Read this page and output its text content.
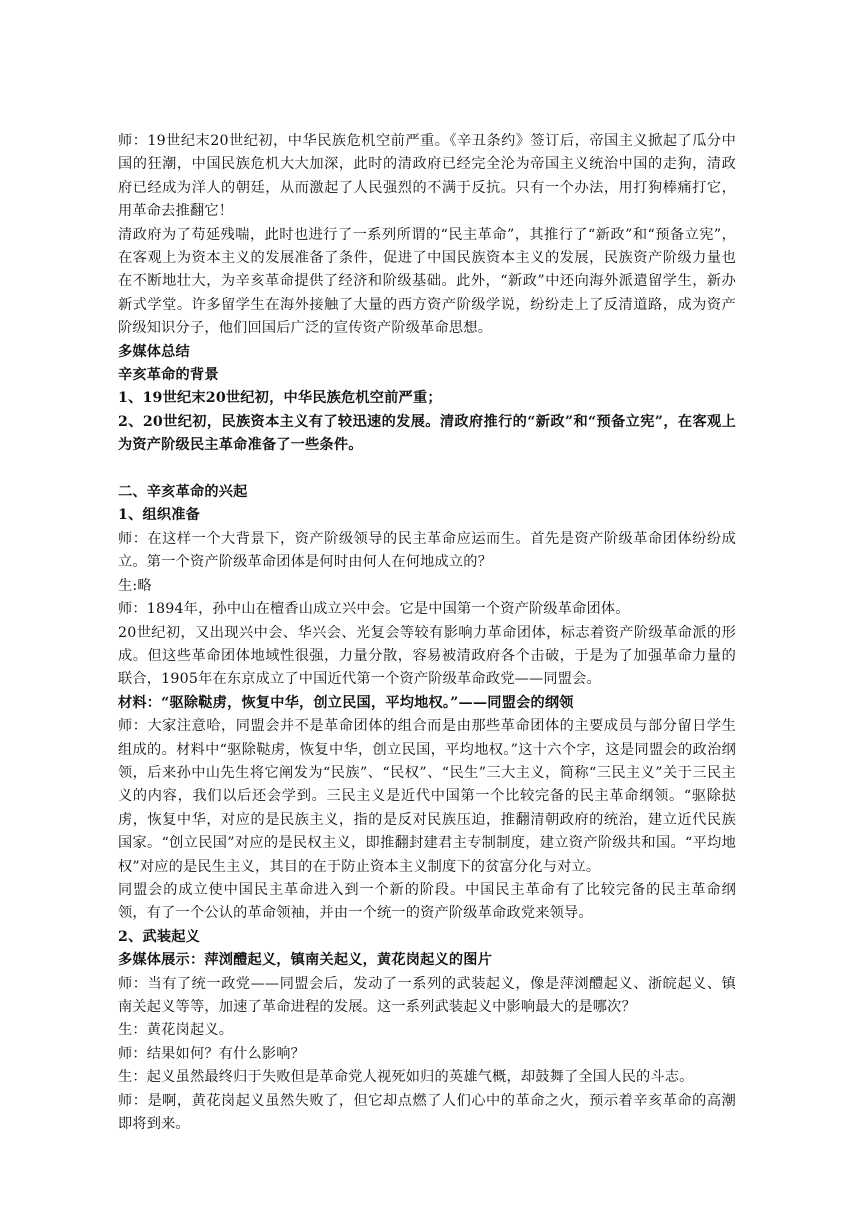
师：19世纪末20世纪初，中华民族危机空前严重。《辛丑条约》签订后，帝国主义掀起了瓜分中国的狂潮，中国民族危机大大加深，此时的清政府已经完全沦为帝国主义统治中国的走狗，清政府已经成为洋人的朝廷，从而激起了人民强烈的不满于反抗。只有一个办法，用打狗棒痛打它，用革命去推翻它！

清政府为了苟延残喘，此时也进行了一系列所谓的“民主革命”，其推行了“新政”和“预备立宪”，在客观上为资本主义的发展准备了条件，促进了中国民族资本主义的发展，民族资产阶级力量也在不断地壮大，为辛亥革命提供了经济和阶级基础。此外，“新政”中还向海外派遣留学生，新办新式学堂。许多留学生在海外接触了大量的西方资产阶级学说，纷纷走上了反清道路，成为资产阶级知识分子，他们回国后广泛的宣传资产阶级革命思想。

多媒体总结

辛亥革命的背景

1、19世纪末20世纪初，中华民族危机空前严重；

2、20世纪初，民族资本主义有了较迅速的发展。清政府推行的“新政”和“预备立宪”，在客观上为资产阶级民主革命准备了一些条件。

二、辛亥革命的兴起

1、组织准备

师：在这样一个大背景下，资产阶级领导的民主革命应运而生。首先是资产阶级革命团体纷纷成立。第一个资产阶级革命团体是何时由何人在何地成立的？

生:略

师：1894年，孙中山在檀香山成立兴中会。它是中国第一个资产阶级革命团体。

20世纪初，又出现兴中会、华兴会、光复会等较有影响力革命团体，标志着资产阶级革命派的形成。但这些革命团体地域性很强，力量分散，容易被清政府各个击破，于是为了加强革命力量的联合，1905年在东京成立了中国近代第一个资产阶级革命政党——同盟会。

材料：“驱除鞑虏，恢复中华，创立民国，平均地权。”——同盟会的纲领

师：大家注意哈，同盟会并不是革命团体的组合而是由那些革命团体的主要成员与部分留日学生组成的。材料中“驱除鞑虏，恢复中华，创立民国，平均地权。”这十六个字，这是同盟会的政治纲领，后来孙中山先生将它阐发为“民族”、“民权”、“民生”三大主义，简称“三民主义”关于三民主义的内容，我们以后还会学到。三民主义是近代中国第一个比较完备的民主革命纲领。“驱除挞虏，恢复中华，对应的是民族主义，指的是反对民族压迫，推翻清朝政府的统治，建立近代民族国家。“创立民国”对应的是民权主义，即推翻封建君主专制制度，建立资产阶级共和国。“平均地权”对应的是民生主义，其目的在于防止资本主义制度下的贫富分化与对立。

同盟会的成立使中国民主革命进入到一个新的阶段。中国民主革命有了比较完备的民主革命纲领，有了一个公认的革命领袖，并由一个统一的资产阶级革命政党来领导。

2、武装起义

多媒体展示：萍浏醴起义，镇南关起义，黄花岗起义的图片

师：当有了统一政党——同盟会后，发动了一系列的武装起义，像是萍浏醴起义、浙皖起义、镇南关起义等等，加速了革命进程的发展。这一系列武装起义中影响最大的是哪次？

生：黄花岗起义。

师：结果如何？有什么影响？

生：起义虽然最终归于失败但是革命党人视死如归的英雄气概，却鼓舞了全国人民的斗志。

师：是啊，黄花岗起义虽然失败了，但它却点燃了人们心中的革命之火，预示着辛亥革命的高潮即将到来。
